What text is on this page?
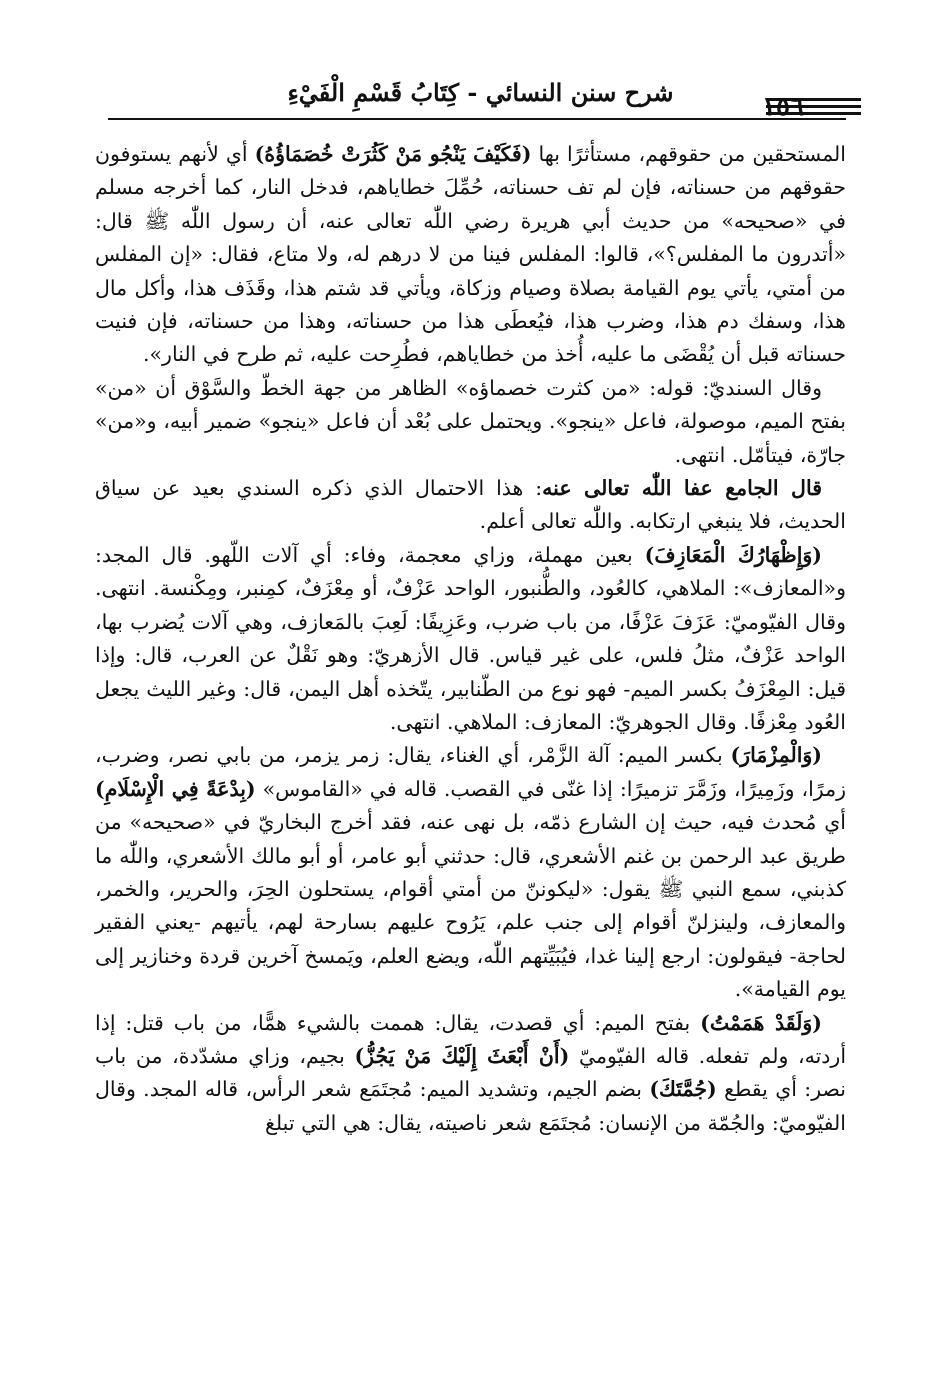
شرح سنن النسائي - كِتَابُ قَسْمِ الْفَيْءِ	١٥٦

المستحقين من حقوقهم، مستأثرًا بها (فَكَيْفَ يَنْجُو مَنْ كَثُرَتْ خُصَمَاؤُهُ) أي لأنهم يستوفون حقوقهم من حسناته، فإن لم تف حسناته، حُمِّلَ خطاياهم، فدخل النار، كما أخرجه مسلم في «صحيحه» من حديث أبي هريرة رضي اللّٰه تعالى عنه، أن رسول اللّٰه ﷺ قال: «أتدرون ما المفلس؟»، قالوا: المفلس فينا من لا درهم له، ولا متاع، فقال: «إن المفلس من أمتي، يأتي يوم القيامة بصلاة وصيام وزكاة، ويأتي قد شتم هذا، وقَذَف هذا، وأكل مال هذا، وسفك دم هذا، وضرب هذا، فيُعطَى هذا من حسناته، وهذا من حسناته، فإن فنيت حسناته قبل أن يُقْضَى ما عليه، أُخذ من خطاياهم، فطُرِحت عليه، ثم طرح في النار».

وقال السنديّ: قوله: «من كثرت خصماؤه» الظاهر من جهة الخطّ والسَّوْق أن «من» بفتح الميم، موصولة، فاعل «ينجو». ويحتمل على بُعْد أن فاعل «ينجو» ضمير أبيه، و«من» جارّة، فيتأمّل. انتهى.

قال الجامع عفا اللّٰه تعالى عنه: هذا الاحتمال الذي ذكره السندي بعيد عن سياق الحديث، فلا ينبغي ارتكابه. واللّٰه تعالى أعلم.

(وَإِظْهَارُكَ الْمَعَازِفَ) بعين مهملة، وزاي معجمة، وفاء: أي آلات اللّهو. قال المجد: و«المعازف»: الملاهي، كالعُود، والطُّنبور، الواحد عَزْفٌ، أو مِعْزَفٌ، كمِنبر، ومِكْنسة. انتهى. وقال الفيّوميّ: عَزَفَ عَزْفًا، من باب ضرب، وعَزِيفًا: لَعِبَ بالمَعازف، وهي آلات يُضرب بها، الواحد عَزْفٌ، مثلُ فلس، على غير قياس. قال الأزهريّ: وهو نَقْلٌ عن العرب، قال: وإذا قيل: المِعْزَفُ بكسر الميم- فهو نوع من الطّنابير، يتّخذه أهل اليمن، قال: وغير الليث يجعل العُود مِعْزفًا. وقال الجوهريّ: المعازف: الملاهي. انتهى.

(وَالْمِزْمَارَ) بكسر الميم: آلة الزَّمْر، أي الغناء، يقال: زمر يزمر، من بابي نصر، وضرب، زمرًا، وزَمِيرًا، وزَمَّرَ تزميرًا: إذا غنّى في القصب. قاله في «القاموس» (بِدْعَةً فِي الْإِسْلَامِ) أي مُحدث فيه، حيث إن الشارع ذمّه، بل نهى عنه، فقد أخرج البخاريّ في «صحيحه» من طريق عبد الرحمن بن غنم الأشعري، قال: حدثني أبو عامر، أو أبو مالك الأشعري، واللّٰه ما كذبني، سمع النبي ﷺ يقول: «ليكوننّ من أمتي أقوام، يستحلون الحِرَ، والحرير، والخمر، والمعازف، ولينزلنّ أقوام إلى جنب علم، يَرُوح عليهم بسارحة لهم، يأتيهم -يعني الفقير لحاجة- فيقولون: ارجع إلينا غدا، فيُبَيِّتهم اللّٰه، ويضع العلم، ويَمسخ آخرين قردة وخنازير إلى يوم القيامة».

(وَلَقَدْ هَمَمْتُ) بفتح الميم: أي قصدت، يقال: هممت بالشيء همًّا، من باب قتل: إذا أردته، ولم تفعله. قاله الفيّوميّ (أَنْ أَبْعَثَ إِلَيْكَ مَنْ يَجُزُّ) بجيم، وزاي مشدّدة، من باب نصر: أي يقطع (جُمَّتَكَ) بضم الجيم، وتشديد الميم: مُجتَمَع شعر الرأس، قاله المجد. وقال الفيّوميّ: والجُمّة من الإنسان: مُجتَمَع شعر ناصيته، يقال: هي التي تبلغ
